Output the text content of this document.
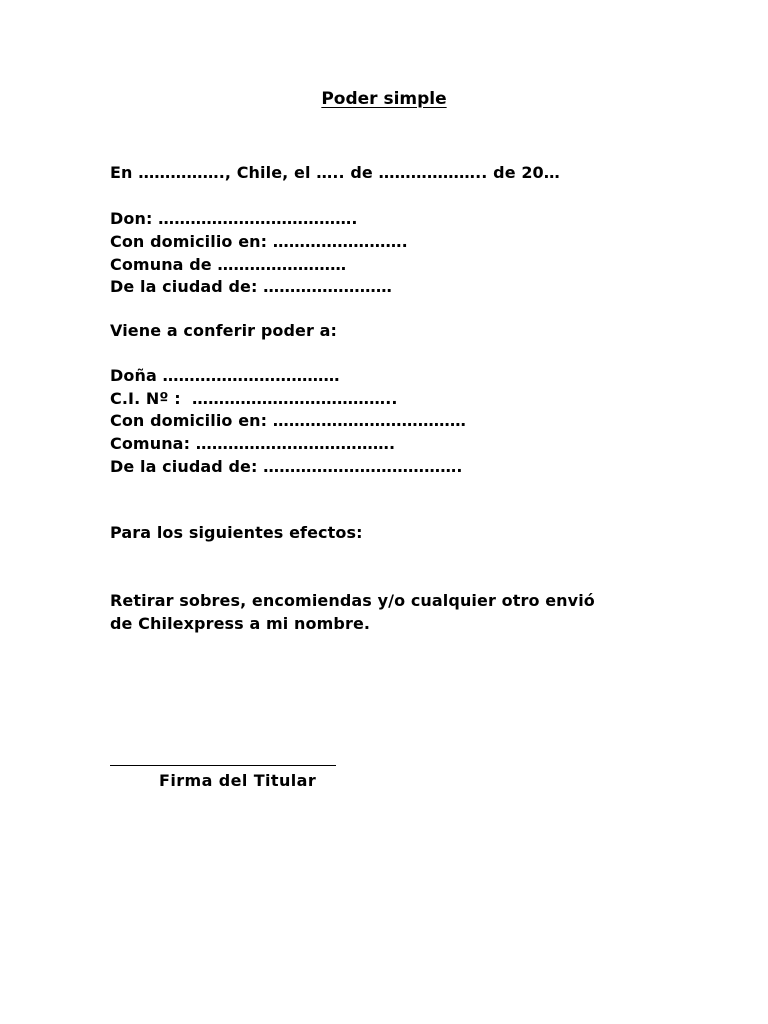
Poder simple
En ……………., Chile, el ….. de ……………….. de 20…
Don: ……………………………….
Con domicilio en: …………………….
Comuna de ……………………
De la ciudad de: ……………………
Viene a conferir poder a:
Doña ……………………………
C.I. Nº :  ………………………………..
Con domicilio en: ………………………………
Comuna: ……………………………….
De la ciudad de: ……………………………….
Para los siguientes efectos:
Retirar sobres, encomiendas y/o cualquier otro envió
de Chilexpress a mi nombre.
Firma del Titular
